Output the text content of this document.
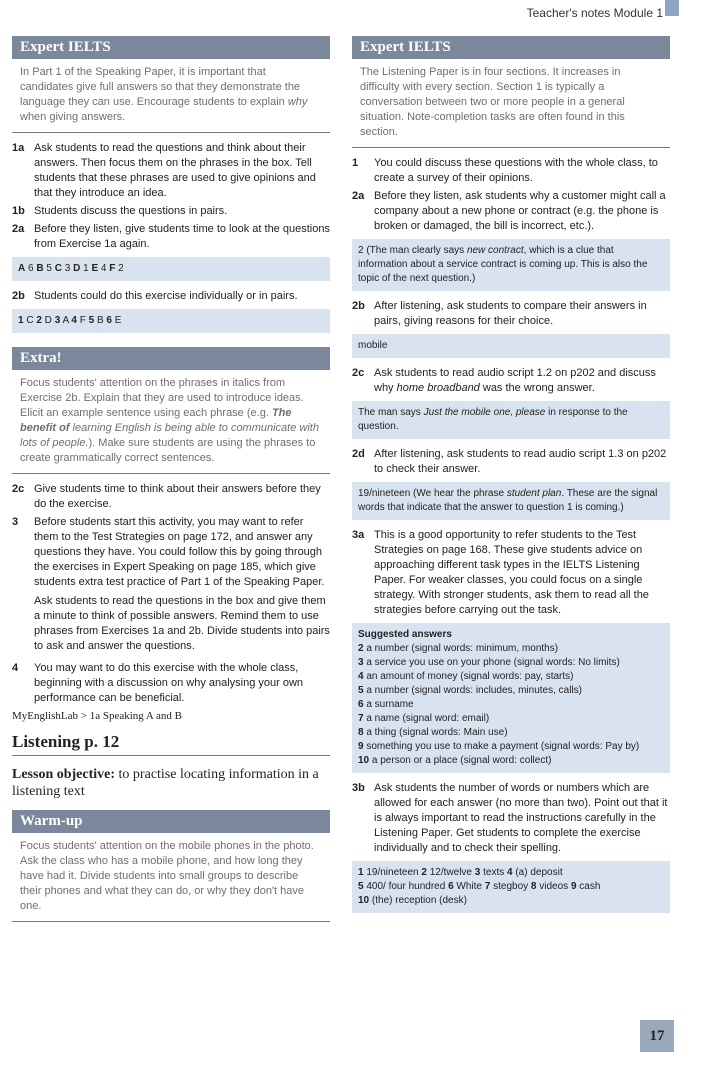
Teacher's notes Module 1
Expert IELTS
In Part 1 of the Speaking Paper, it is important that candidates give full answers so that they demonstrate the language they can use. Encourage students to explain why when giving answers.
1a Ask students to read the questions and think about their answers. Then focus them on the phrases in the box. Tell students that these phrases are used to give opinions and that they introduce an idea.
1b Students discuss the questions in pairs.
2a Before they listen, give students time to look at the questions from Exercise 1a again.
A 6 B 5 C 3 D 1 E 4 F 2
2b Students could do this exercise individually or in pairs.
1 C 2 D 3 A 4 F 5 B 6 E
Extra!
Focus students' attention on the phrases in italics from Exercise 2b. Explain that they are used to introduce ideas. Elicit an example sentence using each phrase (e.g. The benefit of learning English is being able to communicate with lots of people.). Make sure students are using the phrases to create grammatically correct sentences.
2c Give students time to think about their answers before they do the exercise.
3	Before students start this activity, you may want to refer them to the Test Strategies on page 172, and answer any questions they have. You could follow this by going through the exercises in Expert Speaking on page 185, which give students extra test practice of Part 1 of the Speaking Paper.

Ask students to read the questions in the box and give them a minute to think of possible answers. Remind them to use phrases from Exercises 1a and 2b. Divide students into pairs to ask and answer the questions.

4	You may want to do this exercise with the whole class, beginning with a discussion on why analysing your own performance can be beneficial.
MyEnglishLab > 1a Speaking A and B
Listening p. 12
Lesson objective: to practise locating information in a listening text
Warm-up
Focus students' attention on the mobile phones in the photo. Ask the class who has a mobile phone, and how long they have had it. Divide students into small groups to describe their phones and what they can do, or why they don't have one.
Expert IELTS
The Listening Paper is in four sections. It increases in difficulty with every section. Section 1 is typically a conversation between two or more people in a general situation. Note-completion tasks are often found in this section.
1	You could discuss these questions with the whole class, to create a survey of their opinions.
2a Before they listen, ask students why a customer might call a company about a new phone or contract (e.g. the phone is broken or damaged, the bill is incorrect, etc.).
2 (The man clearly says new contract, which is a clue that information about a service contract is coming up. This is also the topic of the next question.)
2b After listening, ask students to compare their answers in pairs, giving reasons for their choice.
mobile
2c Ask students to read audio script 1.2 on p202 and discuss why home broadband was the wrong answer.
The man says Just the mobile one, please in response to the question.
2d After listening, ask students to read audio script 1.3 on p202 to check their answer.
19/nineteen (We hear the phrase student plan. These are the signal words that indicate that the answer to question 1 is coming.)
3a This is a good opportunity to refer students to the Test Strategies on page 168. These give students advice on approaching different task types in the IELTS Listening Paper. For weaker classes, you could focus on a single strategy. With stronger students, ask them to read all the strategies before carrying out the task.
Suggested answers
2 a number (signal words: minimum, months)
3 a service you use on your phone (signal words: No limits)
4 an amount of money (signal words: pay, starts)
5 a number (signal words: includes, minutes, calls)
6 a surname
7 a name (signal word: email)
8 a thing (signal words: Main use)
9 something you use to make a payment (signal words: Pay by)
10 a person or a place (signal word: collect)
3b Ask students the number of words or numbers which are allowed for each answer (no more than two). Point out that it is always important to read the instructions carefully in the Listening Paper. Get students to complete the exercise individually and to check their spelling.
1 19/nineteen 2 12/twelve 3 texts 4 (a) deposit
5 400/ four hundred 6 White 7 stegboy 8 videos 9 cash
10 (the) reception (desk)
17
